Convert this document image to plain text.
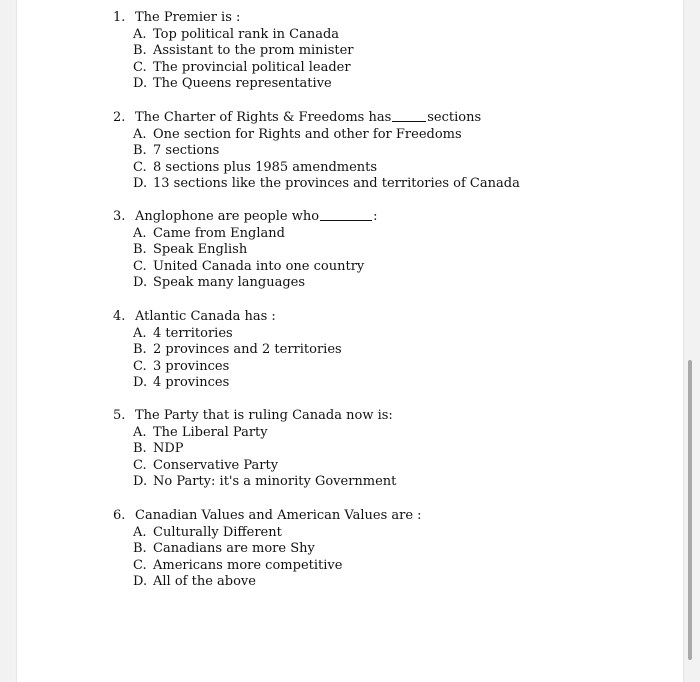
1. The Premier is :
A. Top political rank in Canada
B. Assistant to the prom minister
C. The provincial political leader
D. The Queens representative
2. The Charter of Rights & Freedoms has	sections
A. One section for Rights and other for Freedoms
B. 7 sections
C. 8 sections plus 1985 amendments
D. 13 sections like the provinces and territories of Canada
3. Anglophone are people who	:
A. Came from England
B. Speak English
C. United Canada into one country
D. Speak many languages
4. Atlantic Canada has :
A. 4 territories
B. 2 provinces and 2 territories
C. 3 provinces
D. 4 provinces
5. The Party that is ruling Canada now is:
A. The Liberal Party
B. NDP
C. Conservative Party
D. No Party: it's a minority Government
6. Canadian Values and American Values are :
A. Culturally Different
B. Canadians are more Shy
C. Americans more competitive
D. All of the above
